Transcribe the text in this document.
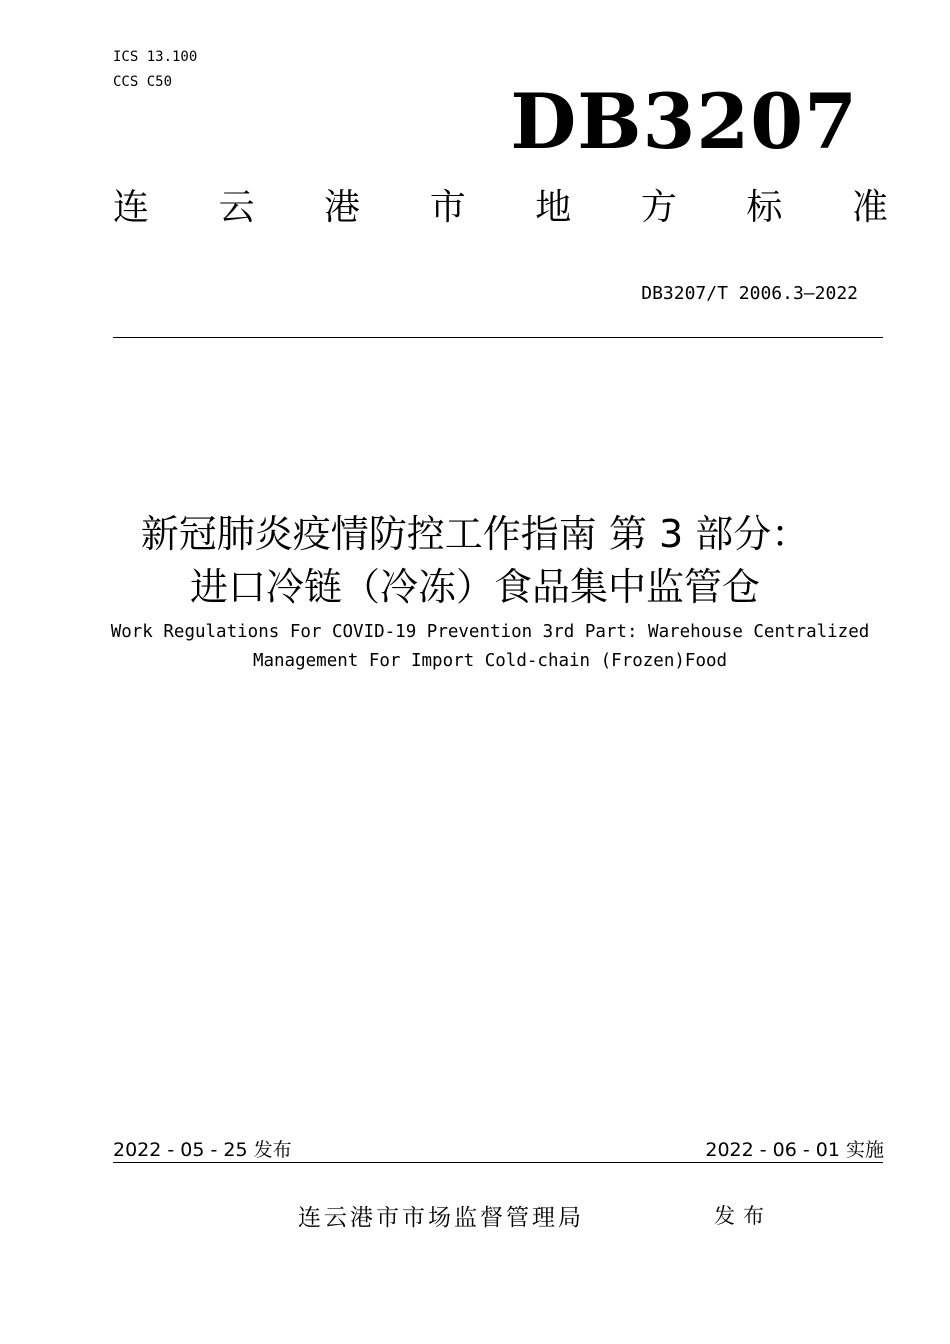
ICS 13.100
CCS C50	DB3207
连 云 港 市 地 方 标 准
DB3207/T 2006.3—2022
新冠肺炎疫情防控工作指南 第 3 部分：
进口冷链（冷冻）食品集中监管仓
Work Regulations For COVID-19 Prevention 3rd Part: Warehouse Centralized
Management For Import Cold-chain (Frozen)Food
2022 - 05 - 25 发布	2022 - 06 - 01 实施
连云港市市场监督管理局	发布
